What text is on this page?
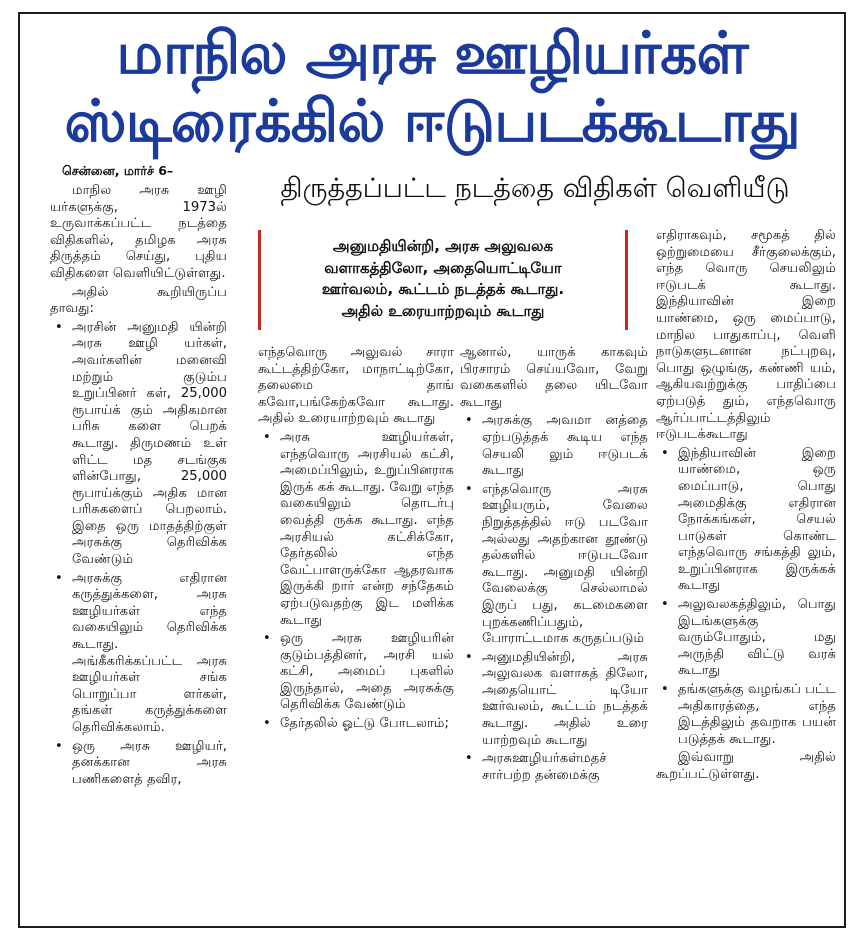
மாநில அரசு ஊழியர்கள்
ஸ்டிரைக்கில் ஈடுபடக்கூடாது
சென்னை, மார்ச் 6–
திருத்தப்பட்ட நடத்தை விதிகள் வெளியீடு

அனுமதியின்றி, அரசு அலுவலக

வளாகத்திலோ, அதையொட்டியோ

ஊர்வலம், கூட்டம் நடத்தக் கூடாது.

அதில் உரையாற்றவும் கூடாது

மாநில அரசு ஊழி யர்களுக்கு, 1973ல் உருவாக்கப்பட்ட நடத்தை விதிகளில், தமிழக அரசு திருத்தம் செய்து, புதிய விதிகளை வெளியிட்டுள்ளது.

அதில் கூறியிருப்ப தாவது:

• அரசின் அனுமதி யின்றி அரசு ஊழி யர்கள், அவர்களின் மனைவி மற்றும் குடும்ப உறுப்பினர் கள், 25,000 ரூபாய்க் கும் அதிகமான பரிசு களை பெறக் கூடாது. திருமணம் உள் ளிட்ட மத சடங்குக ளின்போது, 25,000 ரூபாய்க்கும் அதிக மான பரிசுகளைப் பெறலாம். இதை ஒரு மாதத்திற்குள் அரசுக்கு தெரிவிக்க வேண்டும்

• அரசுக்கு எதிரான கருத்துக்களை, அரசு ஊழியர்கள் எந்த வகையிலும் தெரிவிக்க கூடாது. அங்கீகரிக்கப்பட்ட அரசு ஊழியர்கள் சங்க பொறுப்பா ளர்கள், தங்கள் கருத்துக்களை தெரிவிக்கலாம்.

• ஒரு அரசு ஊழியர், தனக்கான அரசு பணிகளைத் தவிர,

எந்தவொரு அலுவல் சாரா கூட்டத்திற்கோ, மாநாட்டிற்கோ, தலைமை தாங் கவோ,பங்கேற்கவோ கூடாது. அதில் உரையாற்றவும் கூடாது

• அரசு ஊழியர்கள், எந்தவொரு அரசியல் கட்சி, அமைப்பிலும், உறுப்பினராக இருக் கக் கூடாது. வேறு எந்த வகையிலும் தொடர்பு வைத்தி ருக்க கூடாது. எந்த அரசியல் கட்சிக்கோ, தேர்தலில் எந்த வேட்பாளருக்கோ ஆதரவாக இருக்கி றார் என்ற சந்தேகம் ஏற்படுவதற்கு இட மளிக்க கூடாது

• ஒரு அரசு ஊழியரின் குடும்பத்தினர், அரசி யல் கட்சி, அமைப் புகளில் இருந்தால், அதை அரசுக்கு தெரிவிக்க வேண்டும்

• தேர்தலில் ஓட்டு போடலாம்;

ஆனால், யாருக் காகவும் பிரசாரம் செய்யவோ, வேறு வகைகளில் தலை யிடவோ கூடாது

• அரசுக்கு அவமா னத்தை ஏற்படுத்தக் கூடிய எந்த செயலி லும் ஈடுபடக் கூடாது

• எந்தவொரு அரசு ஊழியரும், வேலை நிறுத்தத்தில் ஈடு படவோ அல்லது அதற்கான தூண்டு தல்களில் ஈடுபடவோ கூடாது. அனுமதி யின்றி வேலைக்கு செல்லாமல் இருப் பது, கடமைகளை புறக்கணிப்பதும், போராட்டமாக கருதப்படும்

• அனுமதியின்றி, அரசு அலுவலக வளாகத் திலோ, அதையொட் டியோ ஊர்வலம், கூட்டம் நடத்தக் கூடாது. அதில் உரை யாற்றவும் கூடாது

• அரசுஊழியர்கள்மதச் சார்பற்ற தன்மைக்கு

எதிராகவும், சமூகத் தில் ஒற்றுமையை சீர்குலைக்கும், எந்த வொரு செயலிலும் ஈடுபடக் கூடாது. இந்தியாவின் இறை யாண்மை, ஒரு மைப்பாடு, மாநில பாதுகாப்பு, வெளி நாடுகளுடனான நட்புறவு, பொது ஒழுங்கு, கண்ணி யம், ஆகியவற்றுக்கு பாதிப்பை ஏற்படுத் தும், எந்தவொரு ஆர்ப்பாட்டத்திலும் ஈடுபடக்கூடாது

• இந்தியாவின் இறை யாண்மை, ஒரு மைப்பாடு, பொது அமைதிக்கு எதிரான நோக்கங்கள், செயல் பாடுகள் கொண்ட எந்தவொரு சங்கத்தி லும், உறுப்பினராக இருக்கக் கூடாது

• அலுவலகத்திலும், பொது இடங்களுக்கு வரும்போதும், மது அருந்தி விட்டு வரக் கூடாது

• தங்களுக்கு வழங்கப் பட்ட அதிகாரத்தை, எந்த இடத்திலும் தவறாக பயன் படுத்தக் கூடாது.

இவ்வாறு அதில் கூறப்பட்டுள்ளது.
